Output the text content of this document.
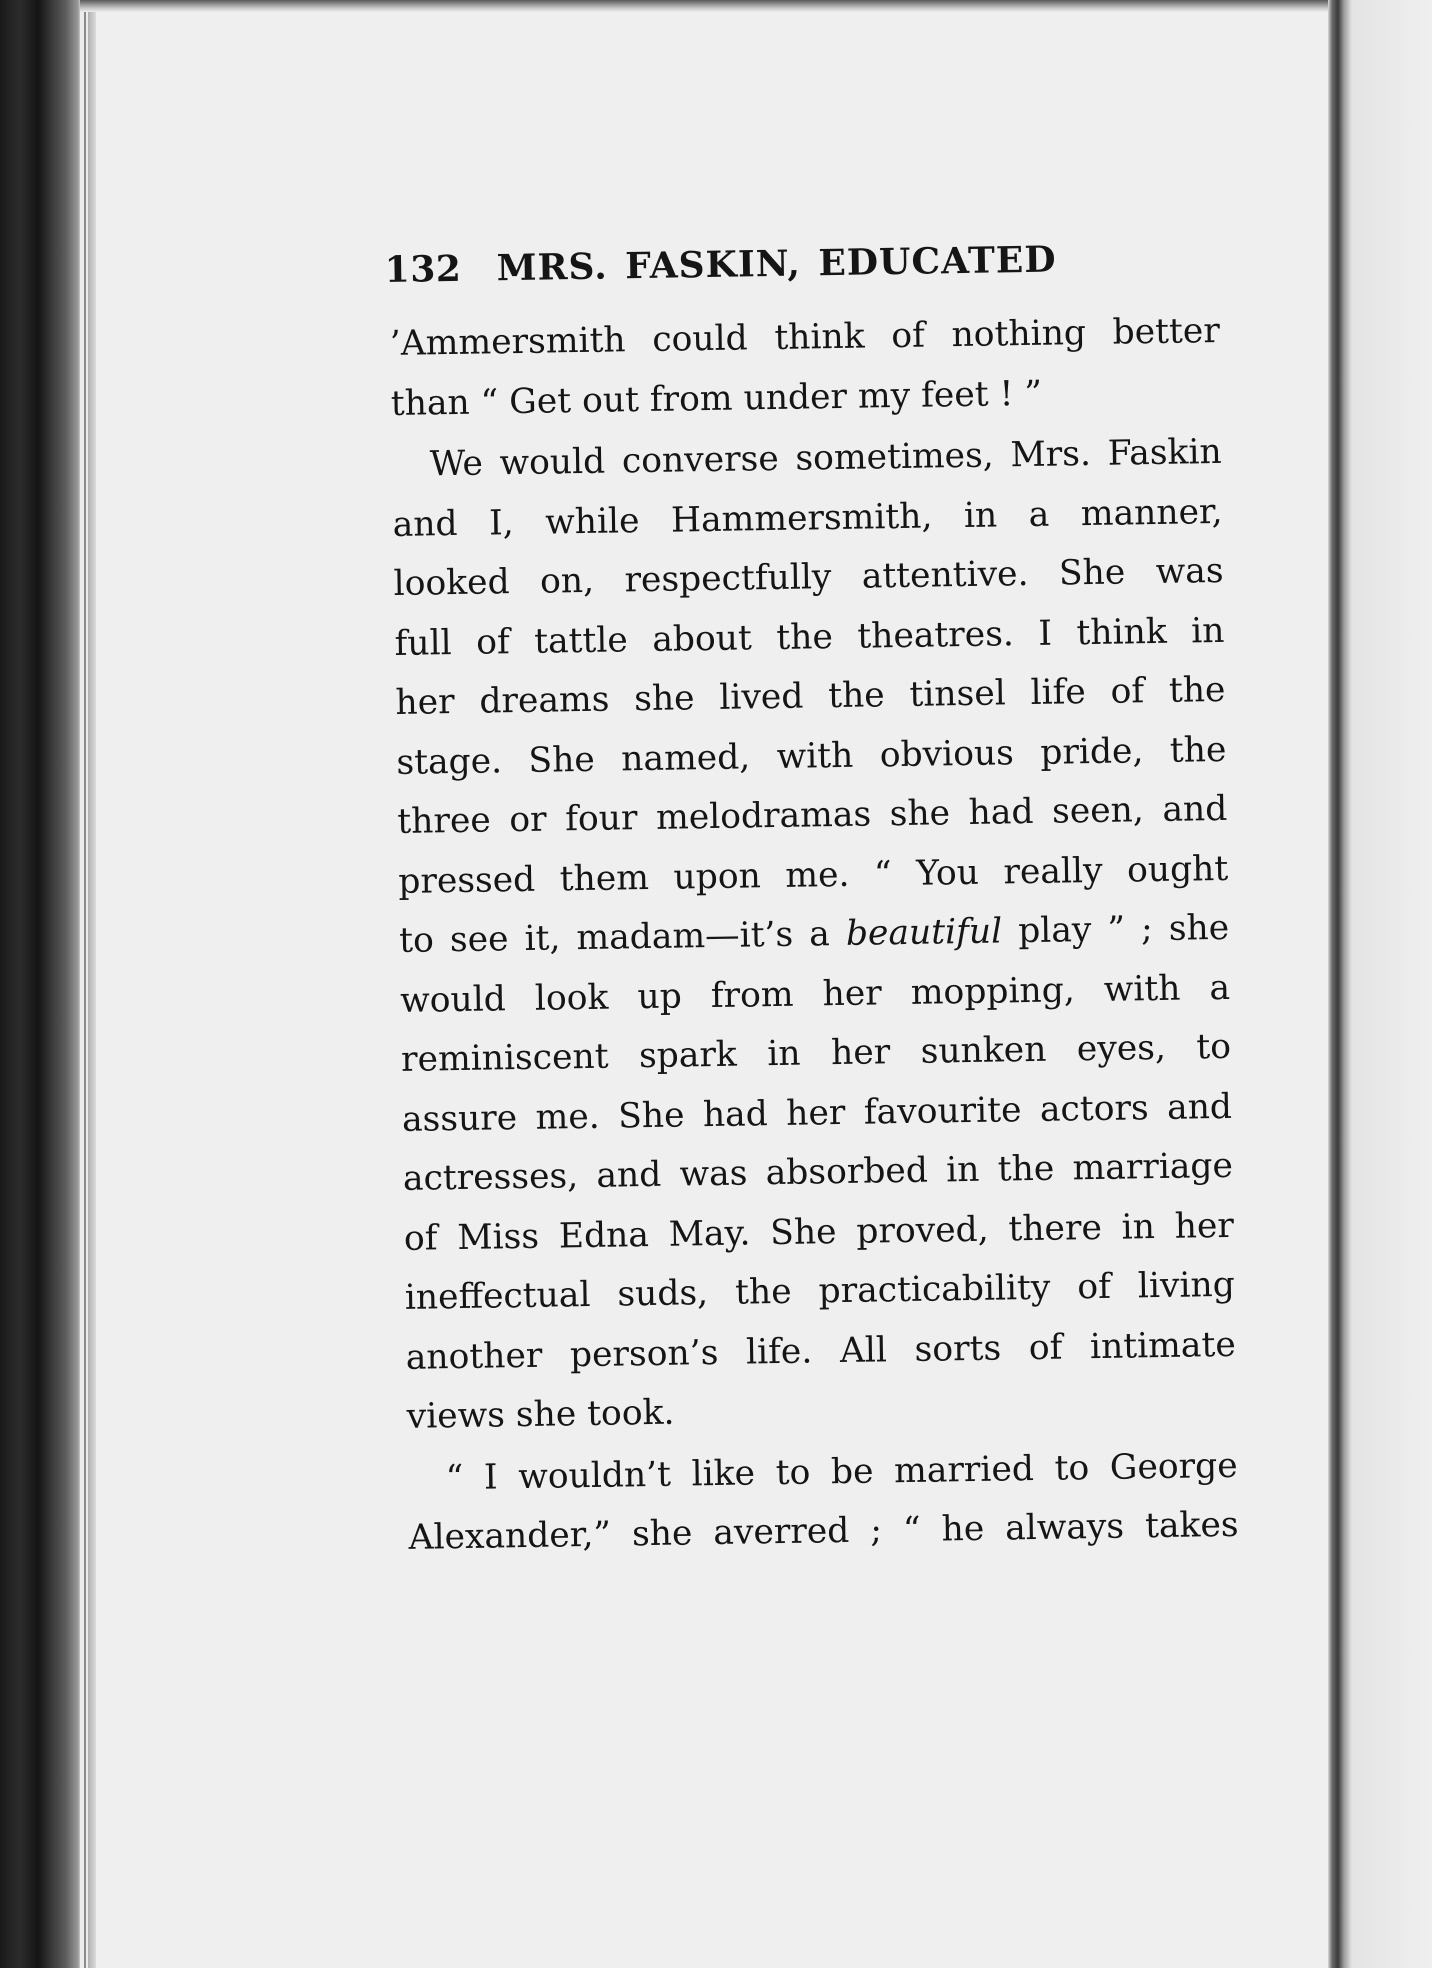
132 MRS. FASKIN, EDUCATED
’Ammersmith could think of nothing better
than “ Get out from under my feet ! ”
We would converse sometimes, Mrs. Faskin
and I, while Hammersmith, in a manner,
looked on, respectfully attentive. She was
full of tattle about the theatres. I think in
her dreams she lived the tinsel life of the
stage. She named, with obvious pride, the
three or four melodramas she had seen, and
pressed them upon me. “ You really ought
to see it, madam—it’s a beautiful play ” ; she
would look up from her mopping, with a
reminiscent spark in her sunken eyes, to
assure me. She had her favourite actors and
actresses, and was absorbed in the marriage
of Miss Edna May. She proved, there in her
ineffectual suds, the practicability of living
another person’s life. All sorts of intimate
views she took.
“ I wouldn’t like to be married to George
Alexander,” she averred ; “ he always takes
